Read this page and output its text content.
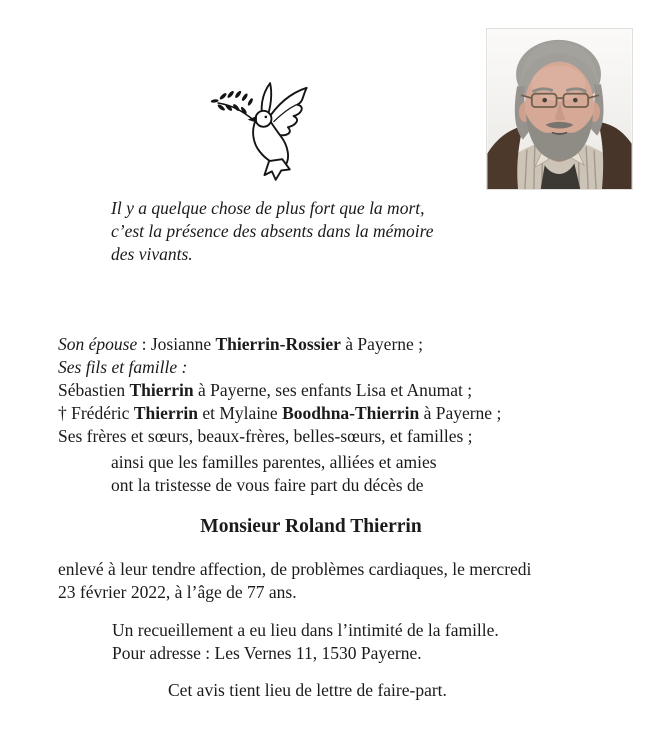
Il y a quelque chose de plus fort que la mort,
c’est la présence des absents dans la mémoire
des vivants.
Son épouse : Josianne Thierrin-Rossier à Payerne ;
Ses fils et famille :
Sébastien Thierrin à Payerne, ses enfants Lisa et Anumat ;
† Frédéric Thierrin et Mylaine Boodhna-Thierrin à Payerne ;
Ses frères et sœurs, beaux-frères, belles-sœurs, et familles ;
ainsi que les familles parentes, alliées et amies
ont la tristesse de vous faire part du décès de
Monsieur Roland Thierrin
enlevé à leur tendre affection, de problèmes cardiaques, le mercredi
23 février 2022, à l’âge de 77 ans.
Un recueillement a eu lieu dans l’intimité de la famille.
Pour adresse : Les Vernes 11, 1530 Payerne.
Cet avis tient lieu de lettre de faire-part.
